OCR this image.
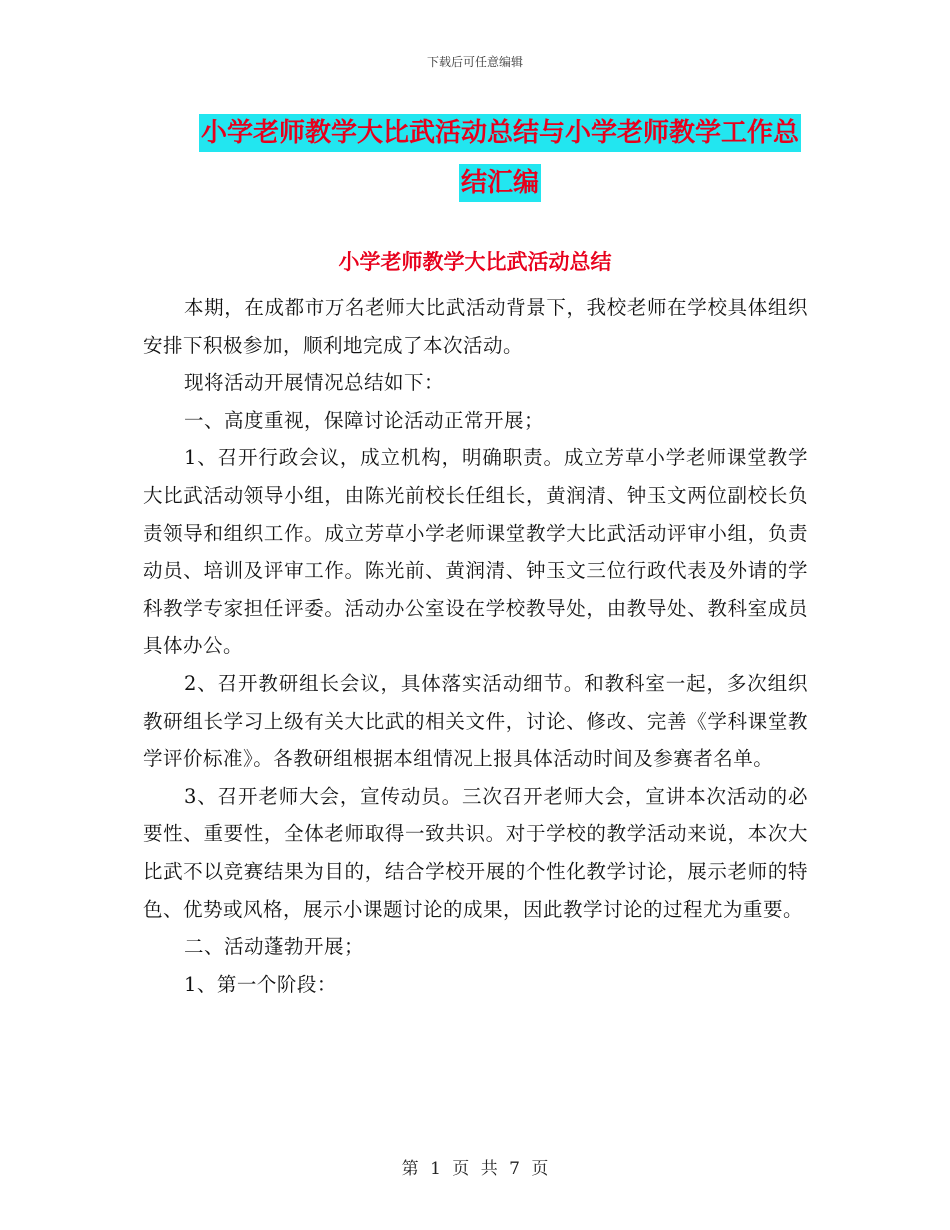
下载后可任意编辑
小学老师教学大比武活动总结与小学老师教学工作总
结汇编
小学老师教学大比武活动总结

本期，在成都市万名老师大比武活动背景下，我校老师在学校具体组织安排下积极参加，顺利地完成了本次活动。

现将活动开展情况总结如下：

一、高度重视，保障讨论活动正常开展；

1、召开行政会议，成立机构，明确职责。成立芳草小学老师课堂教学大比武活动领导小组，由陈光前校长任组长，黄润清、钟玉文两位副校长负责领导和组织工作。成立芳草小学老师课堂教学大比武活动评审小组，负责动员、培训及评审工作。陈光前、黄润清、钟玉文三位行政代表及外请的学科教学专家担任评委。活动办公室设在学校教导处，由教导处、教科室成员具体办公。

2、召开教研组长会议，具体落实活动细节。和教科室一起，多次组织教研组长学习上级有关大比武的相关文件，讨论、修改、完善《学科课堂教学评价标准》。各教研组根据本组情况上报具体活动时间及参赛者名单。

3、召开老师大会，宣传动员。三次召开老师大会，宣讲本次活动的必要性、重要性，全体老师取得一致共识。对于学校的教学活动来说，本次大比武不以竞赛结果为目的，结合学校开展的个性化教学讨论，展示老师的特色、优势或风格，展示小课题讨论的成果，因此教学讨论的过程尤为重要。

二、活动蓬勃开展；

1、第一个阶段：

第 1 页 共 7 页
